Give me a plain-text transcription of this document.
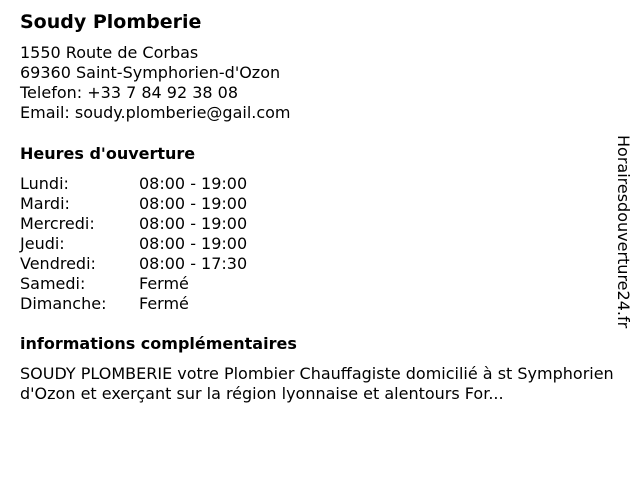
Soudy Plomberie
1550 Route de Corbas
69360 Saint-Symphorien-d'Ozon
Telefon: +33 7 84 92 38 08
Email: soudy.plomberie@gail.com
Heures d'ouverture
Lundi:	08:00 - 19:00
Mardi:	08:00 - 19:00
Mercredi:	08:00 - 19:00
Jeudi:	08:00 - 19:00
Vendredi:	08:00 - 17:30
Samedi:	Fermé
Dimanche:	Fermé
informations complémentaires
SOUDY PLOMBERIE votre Plombier Chauffagiste domicilié à st Symphorien d'Ozon et exerçant sur la région lyonnaise et alentours For...
Horairesdouverture24.fr
